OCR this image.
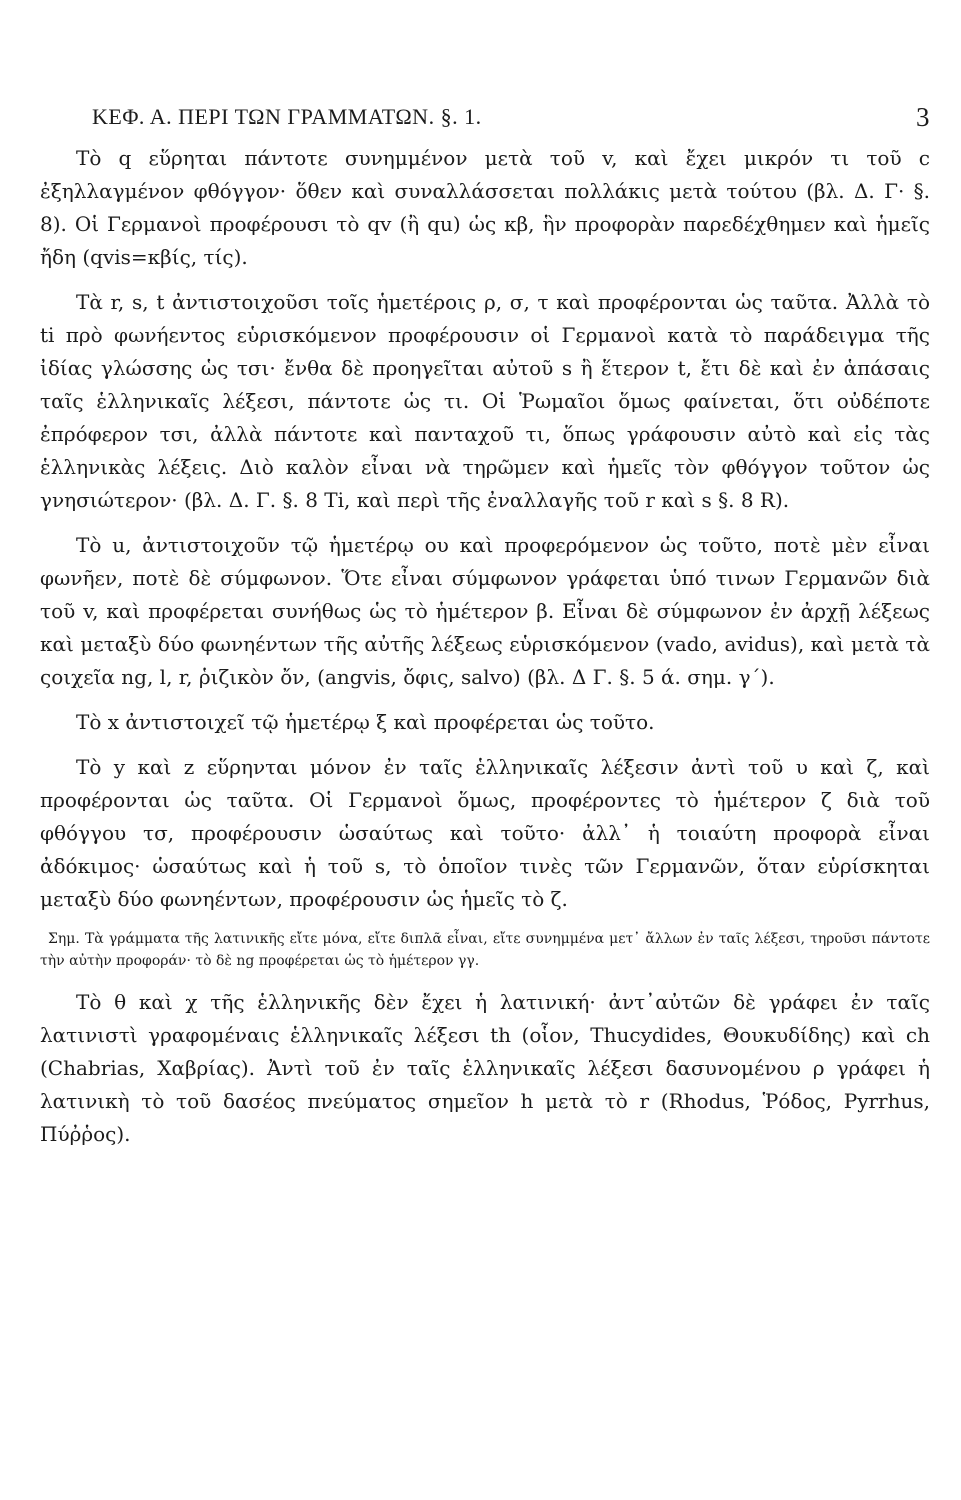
ΚΕΦ. Α. ΠΕΡΙ ΤΩΝ ΓΡΑΜΜΑΤΩΝ. §. 1.	3

Τὸ q εὕρηται πάντοτε συνημμένον μετὰ τοῦ v, καὶ ἔχει μικρόν τι τοῦ c ἐξηλλαγμένον φθόγγον· ὅθεν καὶ συναλλάσσεται πολλάκις μετὰ τούτου (βλ. Δ. Γ· §. 8). Οἱ Γερμανοὶ προφέρουσι τὸ qv (ἢ qu) ὡς κβ, ἣν προφορὰν παρεδέχθημεν καὶ ἡμεῖς ἤδη (qvis=κβίς, τίς).

Τὰ r, s, t ἀντιστοιχοῦσι τοῖς ἡμετέροις ρ, σ, τ καὶ προφέρονται ὡς ταῦτα. Ἀλλὰ τὸ ti πρὸ φωνήεντος εὑρισκόμενον προφέρουσιν οἱ Γερμανοὶ κατὰ τὸ παράδειγμα τῆς ἰδίας γλώσσης ὡς τσι· ἔνθα δὲ προηγεῖται αὐτοῦ s ἢ ἕτερον t, ἔτι δὲ καὶ ἐν ἁπάσαις ταῖς ἑλληνικαῖς λέξεσι, πάντοτε ὡς τι. Οἱ Ῥωμαῖοι ὅμως φαίνεται, ὅτι οὐδέποτε ἐπρόφερον τσι, ἀλλὰ πάντοτε καὶ πανταχοῦ τι, ὅπως γράφουσιν αὐτὸ καὶ εἰς τὰς ἑλληνικὰς λέξεις. Διὸ καλὸν εἶναι νὰ τηρῶμεν καὶ ἡμεῖς τὸν φθόγγον τοῦτον ὡς γνησιώτερον· (βλ. Δ. Γ. §. 8 Ti, καὶ περὶ τῆς ἐναλλαγῆς τοῦ r καὶ s §. 8 R).

Τὸ u, ἀντιστοιχοῦν τῷ ἡμετέρῳ ου καὶ προφερόμενον ὡς τοῦτο, ποτὲ μὲν εἶναι φωνῆεν, ποτὲ δὲ σύμφωνον. Ὅτε εἶναι σύμφωνον γράφεται ὑπό τινων Γερμανῶν διὰ τοῦ v, καὶ προφέρεται συνήθως ὡς τὸ ἡμέτερον β. Εἶναι δὲ σύμφωνον ἐν ἀρχῇ λέξεως καὶ μεταξὺ δύο φωνηέντων τῆς αὐτῆς λέξεως εὑρισκόμενον (vado, avidus), καὶ μετὰ τὰ ςοιχεῖα ng, l, r, ῥιζικὸν ὄν, (angvis, ὄφις, salvo) (βλ. Δ Γ. §. 5 ά. σημ. γ΄).

Τὸ x ἀντιστοιχεῖ τῷ ἡμετέρῳ ξ καὶ προφέρεται ὡς τοῦτο.

Τὸ y καὶ z εὕρηνται μόνον ἐν ταῖς ἑλληνικαῖς λέξεσιν ἀντὶ τοῦ υ καὶ ζ, καὶ προφέρονται ὡς ταῦτα. Οἱ Γερμανοὶ ὅμως, προφέροντες τὸ ἡμέτερον ζ διὰ τοῦ φθόγγου τσ, προφέρουσιν ὡσαύτως καὶ τοῦτο· ἀλλ᾽ ἡ τοιαύτη προφορὰ εἶναι ἀδόκιμος· ὡσαύτως καὶ ἡ τοῦ s, τὸ ὁποῖον τινὲς τῶν Γερμανῶν, ὅταν εὑρίσκηται μεταξὺ δύο φωνηέντων, προφέρουσιν ὡς ἡμεῖς τὸ ζ.

Σημ. Τὰ γράμματα τῆς λατινικῆς εἴτε μόνα, εἴτε διπλᾶ εἶναι, εἴτε συνημμένα μετ᾽ ἄλλων ἐν ταῖς λέξεσι, τηροῦσι πάντοτε τὴν αὐτὴν προφοράν· τὸ δὲ ng προφέρεται ὡς τὸ ἡμέτερον γγ.

Τὸ θ καὶ χ τῆς ἑλληνικῆς δὲν ἔχει ἡ λατινική· ἀντ᾽αὐτῶν δὲ γράφει ἐν ταῖς λατινιστὶ γραφομέναις ἑλληνικαῖς λέξεσι th (οἷον, Thucydides, Θουκυδίδης) καὶ ch (Chabrias, Χαβρίας). Ἀντὶ τοῦ ἐν ταῖς ἑλληνικαῖς λέξεσι δασυνομένου ρ γράφει ἡ λατινικὴ τὸ τοῦ δασέος πνεύματος σημεῖον h μετὰ τὸ r (Rhodus, Ῥόδος, Pyrrhus, Πύῤῥος).
